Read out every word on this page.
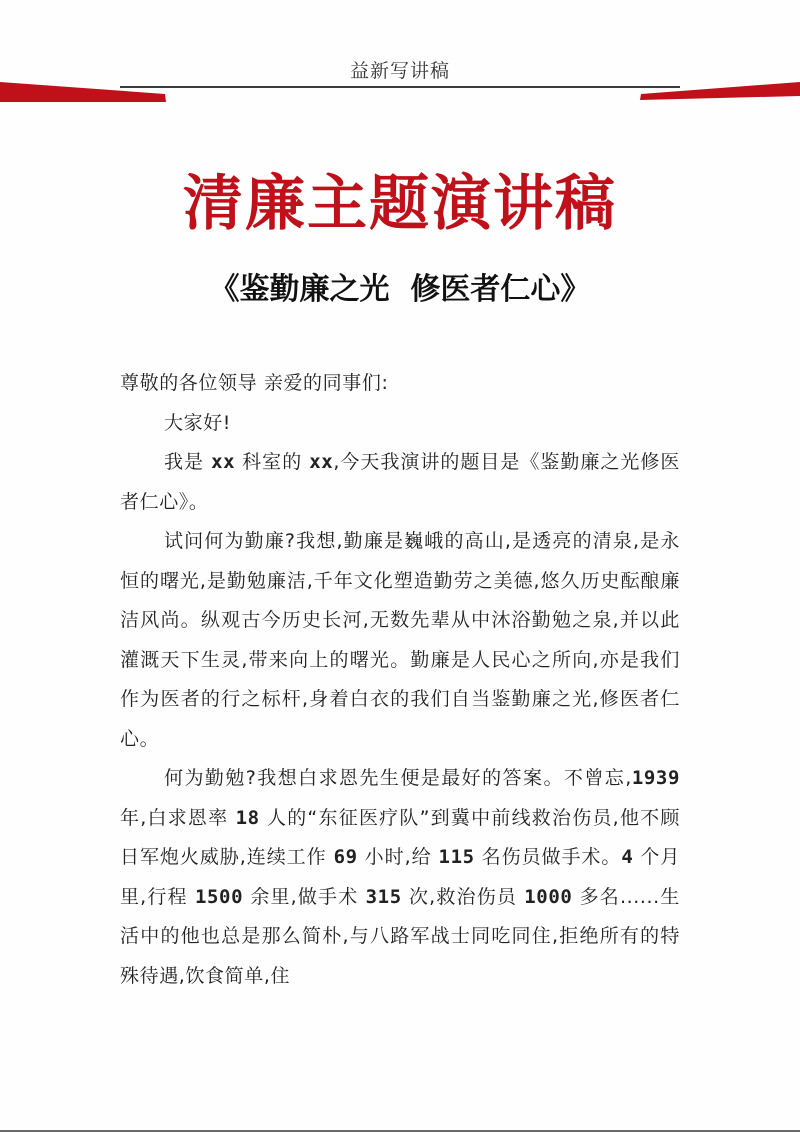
益新写讲稿
清廉主题演讲稿
《鉴勤廉之光  修医者仁心》

尊敬的各位领导 亲爱的同事们:

大家好!

我是 xx 科室的 xx,今天我演讲的题目是《鉴勤廉之光修医者仁心》。

试问何为勤廉?我想,勤廉是巍峨的高山,是透亮的清泉,是永恒的曙光,是勤勉廉洁,千年文化塑造勤劳之美德,悠久历史酝酿廉洁风尚。纵观古今历史长河,无数先辈从中沐浴勤勉之泉,并以此灌溉天下生灵,带来向上的曙光。勤廉是人民心之所向,亦是我们作为医者的行之标杆,身着白衣的我们自当鉴勤廉之光,修医者仁心。

何为勤勉?我想白求恩先生便是最好的答案。不曾忘,1939 年,白求恩率 18 人的“东征医疗队”到冀中前线救治伤员,他不顾日军炮火威胁,连续工作 69 小时,给 115 名伤员做手术。4 个月里,行程 1500 余里,做手术 315 次,救治伤员 1000 多名......生活中的他也总是那么简朴,与八路军战士同吃同住,拒绝所有的特殊待遇,饮食简单,住
